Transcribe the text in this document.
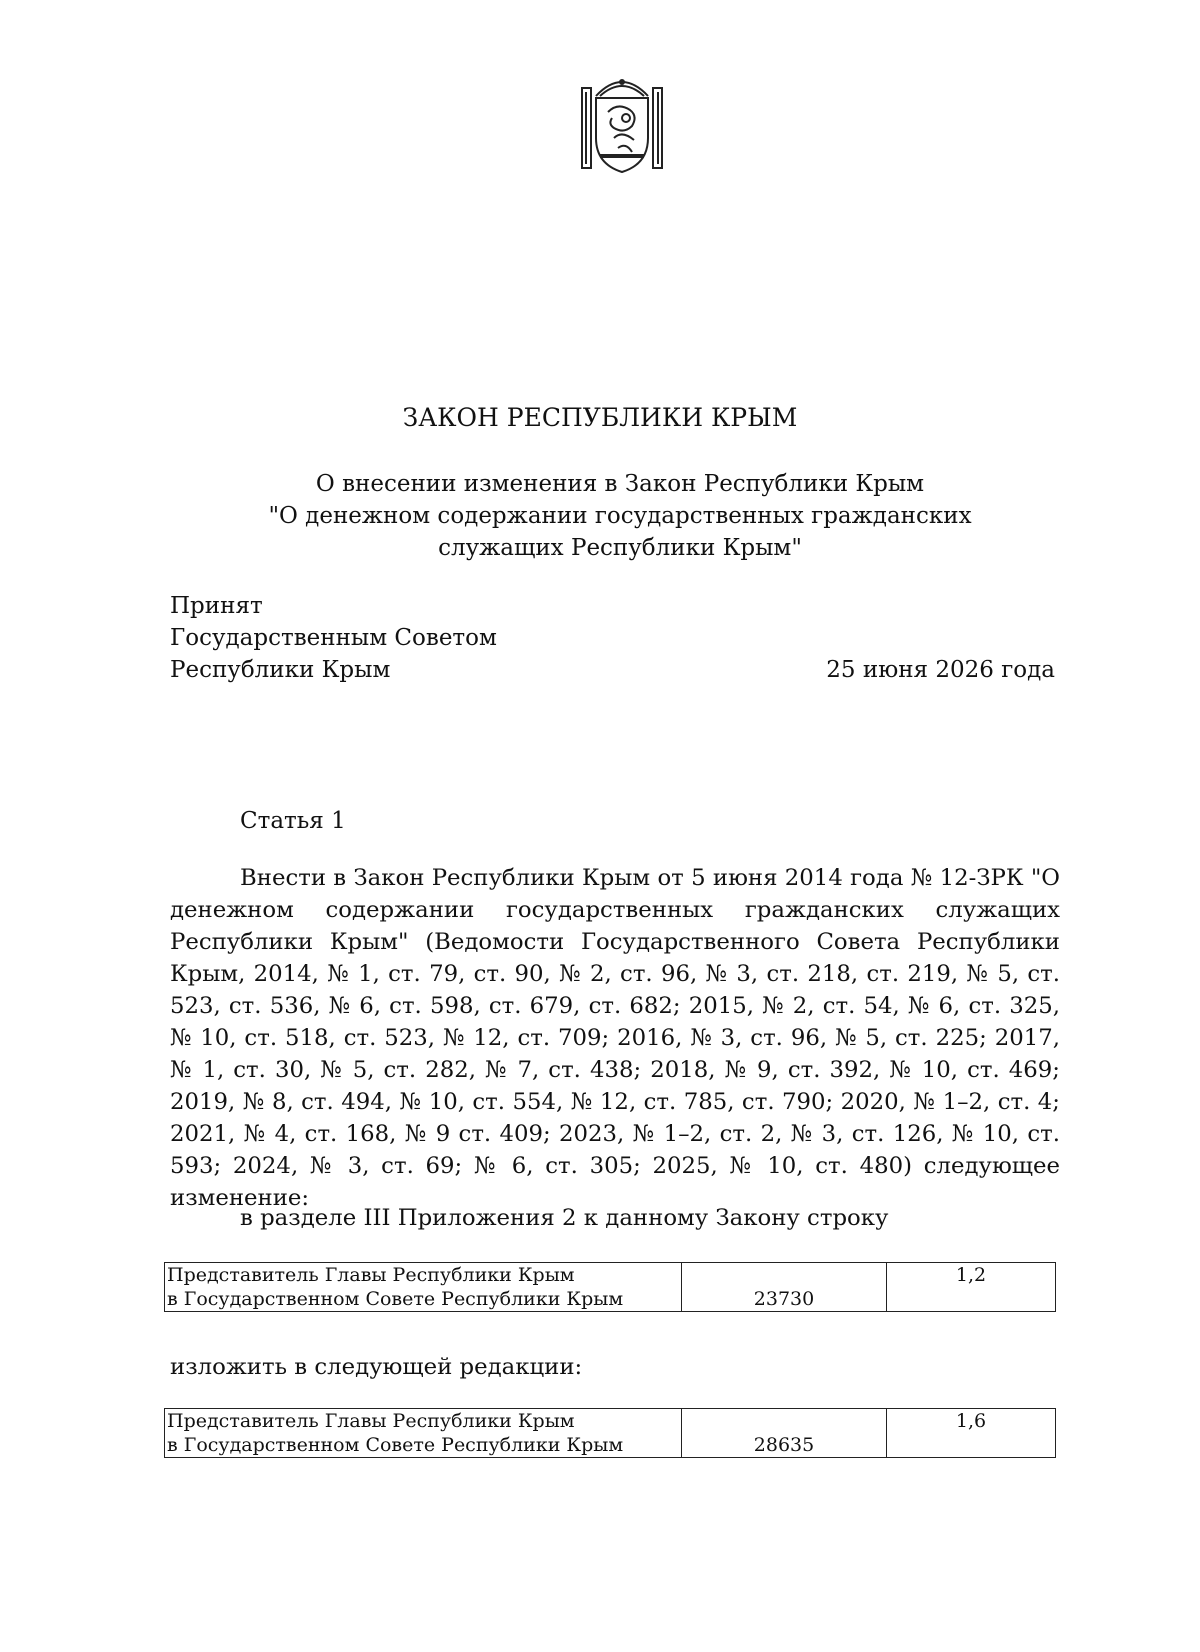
ЗАКОН РЕСПУБЛИКИ КРЫМ
О внесении изменения в Закон Республики Крым
"О денежном содержании государственных гражданских
служащих Республики Крым"
Принят
Государственным Советом
Республики Крым	25 июня 2026 года
Статья 1

Внести в Закон Республики Крым от 5 июня 2014 года № 12-ЗРК "О денежном содержании государственных гражданских служащих Республики Крым" (Ведомости Государственного Совета Республики Крым, 2014, № 1, ст. 79, ст. 90, № 2, ст. 96, № 3, ст. 218, ст. 219, № 5, ст. 523, ст. 536, № 6, ст. 598, ст. 679, ст. 682; 2015, № 2, ст. 54, № 6, ст. 325, № 10, ст. 518, ст. 523, № 12, ст. 709; 2016, № 3, ст. 96, № 5, ст. 225; 2017, № 1, ст. 30, № 5, ст. 282, № 7, ст. 438; 2018, № 9, ст. 392, № 10, ст. 469; 2019, № 8, ст. 494, № 10, ст. 554, № 12, ст. 785, ст. 790; 2020, № 1–2, ст. 4; 2021, № 4, ст. 168, № 9 ст. 409; 2023, № 1–2, ст. 2, № 3, ст. 126, № 10, ст. 593; 2024, № 3, ст. 69; № 6, ст. 305; 2025, № 10, ст. 480) следующее изменение:

в разделе III Приложения 2 к данному Закону строку
Представитель Главы Республики Крым
в Государственном Совете Республики Крым	23730	1,2
изложить в следующей редакции:
Представитель Главы Республики Крым
в Государственном Совете Республики Крым	28635	1,6
